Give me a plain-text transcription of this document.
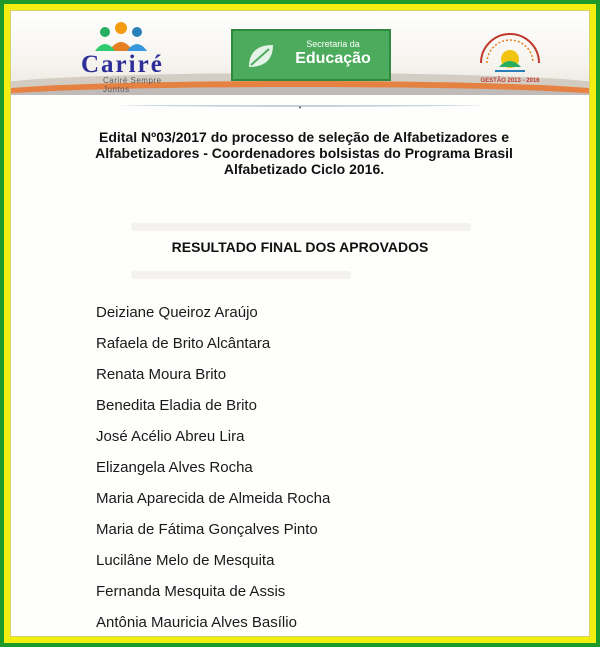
Cariré
Cariré Sempre Juntos
Secretaria da
Educação
GESTÃO 2013 - 2016
•
Edital Nº03/2017 do processo de seleção de Alfabetizadores e Alfabetizadores - Coordenadores bolsistas do Programa Brasil Alfabetizado Ciclo 2016.
RESULTADO FINAL DOS APROVADOS
Deiziane Queiroz Araújo
Rafaela de Brito Alcântara
Renata Moura Brito
Benedita Eladia de Brito
José Acélio Abreu Lira
Elizangela Alves Rocha
Maria Aparecida de Almeida Rocha
Maria de Fátima Gonçalves Pinto
Lucilâne Melo de Mesquita
Fernanda Mesquita de Assis
Antônia Mauricia Alves Basílio
